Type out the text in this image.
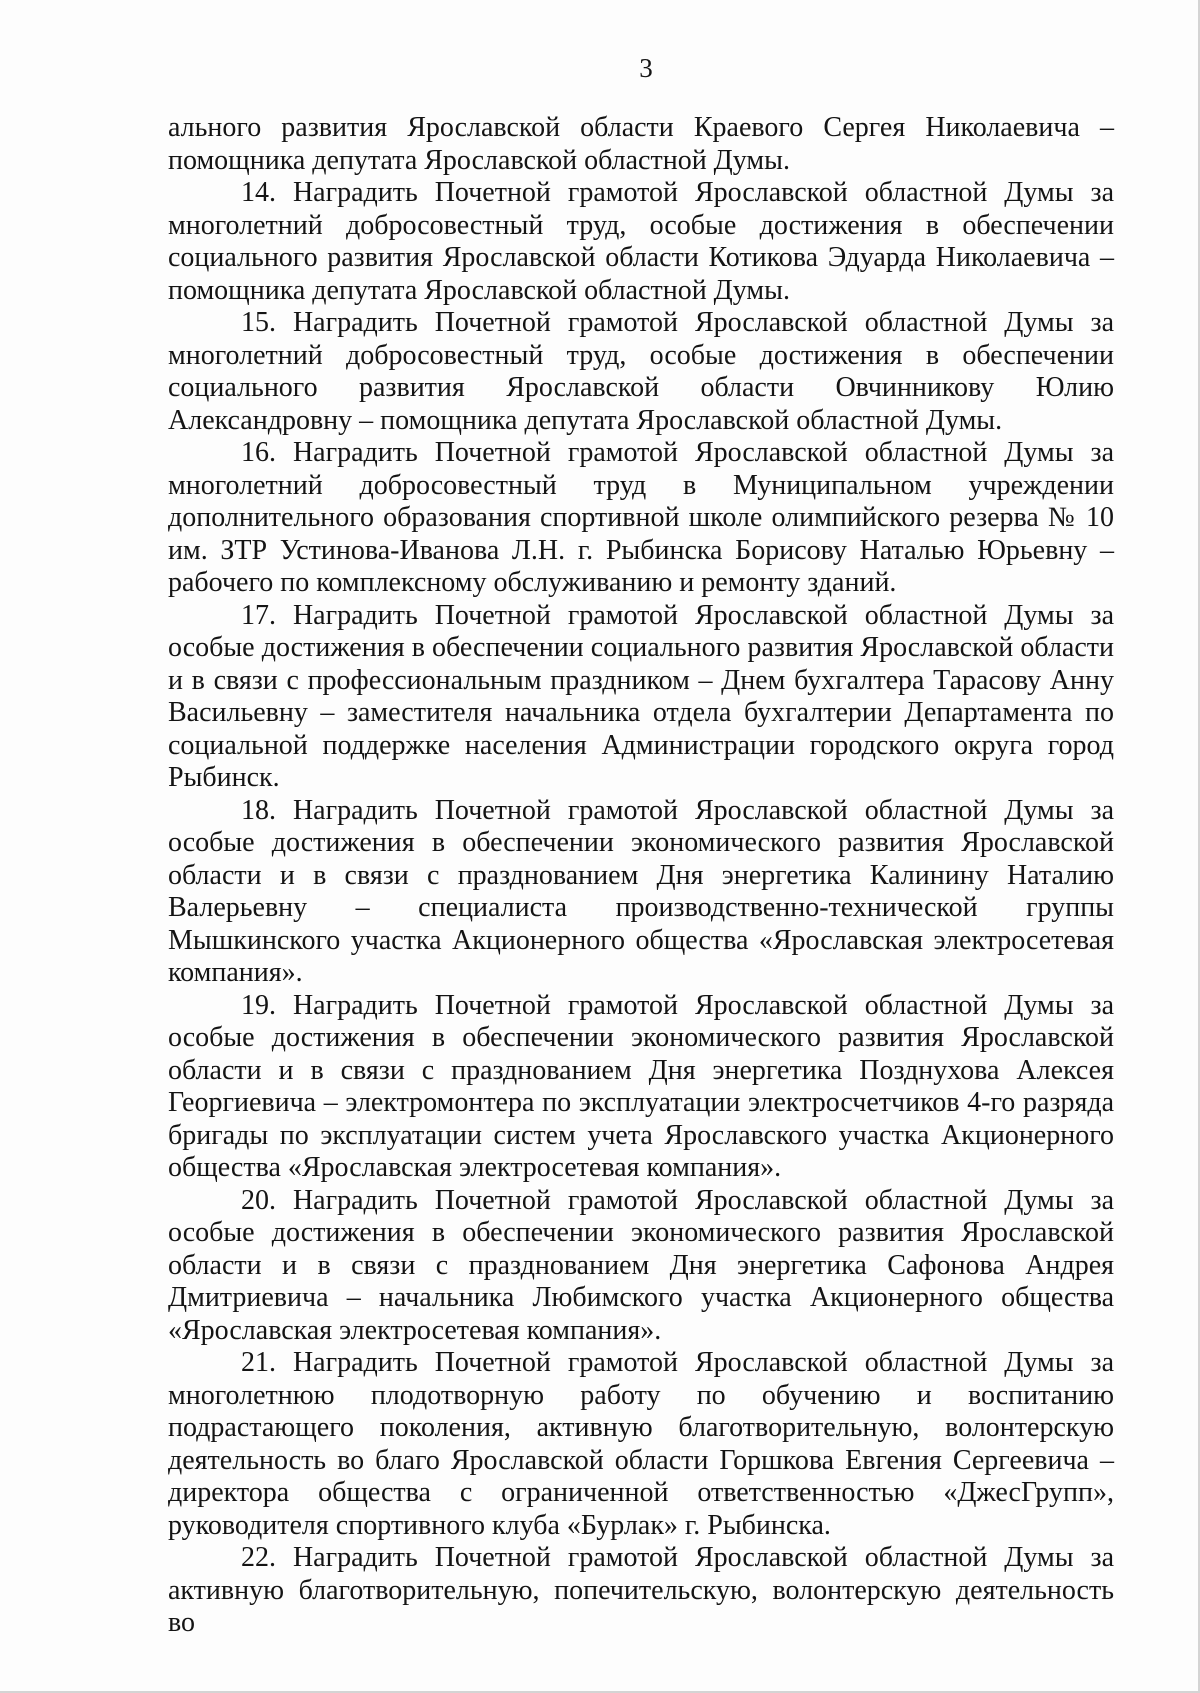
3

ального развития Ярославской области Краевого Сергея Николаевича – помощника депутата Ярославской областной Думы.

14. Наградить Почетной грамотой Ярославской областной Думы за многолетний добросовестный труд, особые достижения в обеспечении социального развития Ярославской области Котикова Эдуарда Николаевича – помощника депутата Ярославской областной Думы.

15. Наградить Почетной грамотой Ярославской областной Думы за многолетний добросовестный труд, особые достижения в обеспечении социального развития Ярославской области Овчинникову Юлию Александровну – помощника депутата Ярославской областной Думы.

16. Наградить Почетной грамотой Ярославской областной Думы за многолетний добросовестный труд в Муниципальном учреждении дополнительного образования спортивной школе олимпийского резерва № 10 им. ЗТР Устинова-Иванова Л.Н. г. Рыбинска Борисову Наталью Юрьевну – рабочего по комплексному обслуживанию и ремонту зданий.

17. Наградить Почетной грамотой Ярославской областной Думы за особые достижения в обеспечении социального развития Ярославской области и в связи с профессиональным праздником – Днем бухгалтера Тарасову Анну Васильевну – заместителя начальника отдела бухгалтерии Департамента по социальной поддержке населения Администрации городского округа город Рыбинск.

18. Наградить Почетной грамотой Ярославской областной Думы за особые достижения в обеспечении экономического развития Ярославской области и в связи с празднованием Дня энергетика Калинину Наталию Валерьевну – специалиста производственно-технической группы Мышкинского участка Акционерного общества «Ярославская электросетевая компания».

19. Наградить Почетной грамотой Ярославской областной Думы за особые достижения в обеспечении экономического развития Ярославской области и в связи с празднованием Дня энергетика Позднухова Алексея Георгиевича – электромонтера по эксплуатации электросчетчиков 4-го разряда бригады по эксплуатации систем учета Ярославского участка Акционерного общества «Ярославская электросетевая компания».

20. Наградить Почетной грамотой Ярославской областной Думы за особые достижения в обеспечении экономического развития Ярославской области и в связи с празднованием Дня энергетика Сафонова Андрея Дмитриевича – начальника Любимского участка Акционерного общества «Ярославская электросетевая компания».

21. Наградить Почетной грамотой Ярославской областной Думы за многолетнюю плодотворную работу по обучению и воспитанию подрастающего поколения, активную благотворительную, волонтерскую деятельность во благо Ярославской области Горшкова Евгения Сергеевича – директора общества с ограниченной ответственностью «ДжесГрупп», руководителя спортивного клуба «Бурлак» г. Рыбинска.

22. Наградить Почетной грамотой Ярославской областной Думы за активную благотворительную, попечительскую, волонтерскую деятельность во
